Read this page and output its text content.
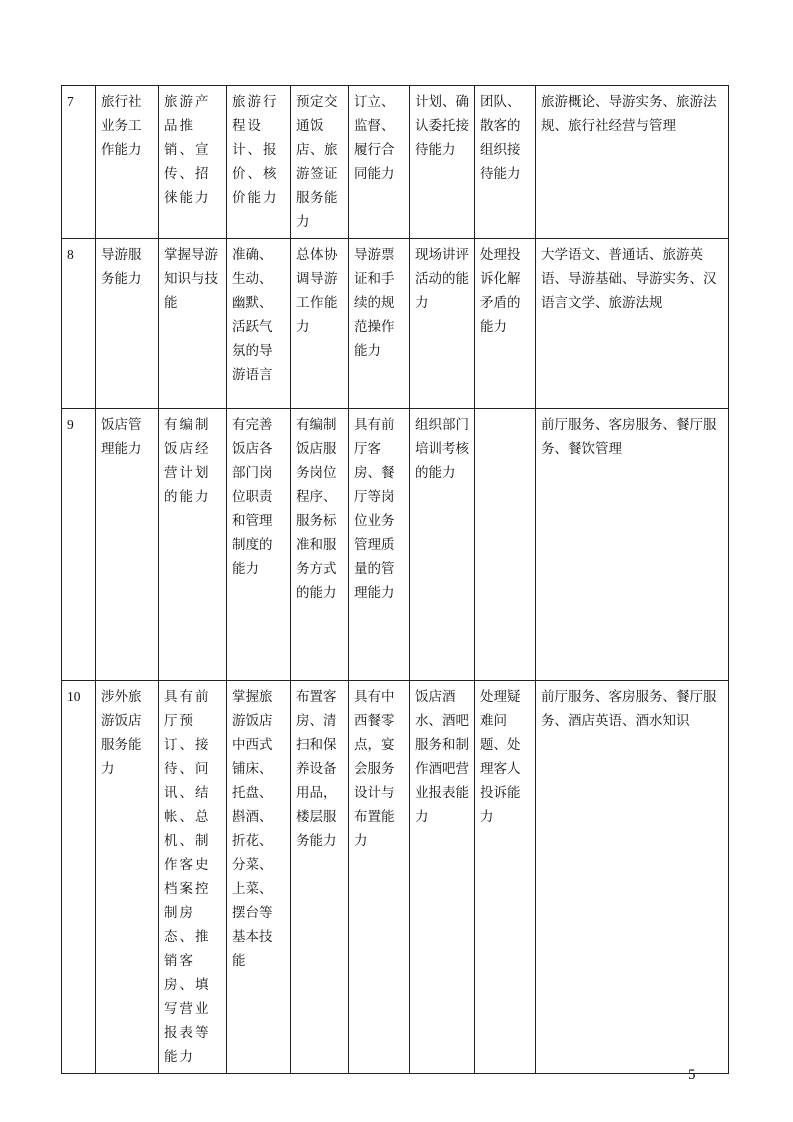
7	旅行社业务工作能力	旅游产品推销、宣传、招徕能力	旅游行程设计、报价、核价能力	预定交通饭店、旅游签证服务能力	订立、监督、履行合同能力	计划、确认委托接待能力	团队、散客的组织接待能力	旅游概论、导游实务、旅游法规、旅行社经营与管理
8	导游服务能力	掌握导游知识与技能	准确、生动、幽默、活跃气氛的导游语言	总体协调导游工作能力	导游票证和手续的规范操作能力	现场讲评活动的能力	处理投诉化解矛盾的能力	大学语文、普通话、旅游英语、导游基础、导游实务、汉语言文学、旅游法规
9	饭店管理能力	有编制饭店经营计划的能力	有完善饭店各部门岗位职责和管理制度的能力	有编制饭店服务岗位程序、服务标准和服务方式的能力	具有前厅客房、餐厅等岗位业务管理质量的管理能力	组织部门培训考核的能力		前厅服务、客房服务、餐厅服务、餐饮管理
10	涉外旅游饭店服务能力	具有前厅预订、接待、问讯、结帐、总机、制作客史档案控制房态、推销客房、填写营业报表等能力	掌握旅游饭店中西式铺床、托盘、斟酒、折花、分菜、上菜、摆台等基本技能	布置客房、清扫和保养设备用品，楼层服务能力	具有中西餐零点，宴会服务设计与布置能力	饭店酒水、酒吧服务和制作酒吧营业报表能力	处理疑难问题、处理客人投诉能力	前厅服务、客房服务、餐厅服务、酒店英语、酒水知识
5
